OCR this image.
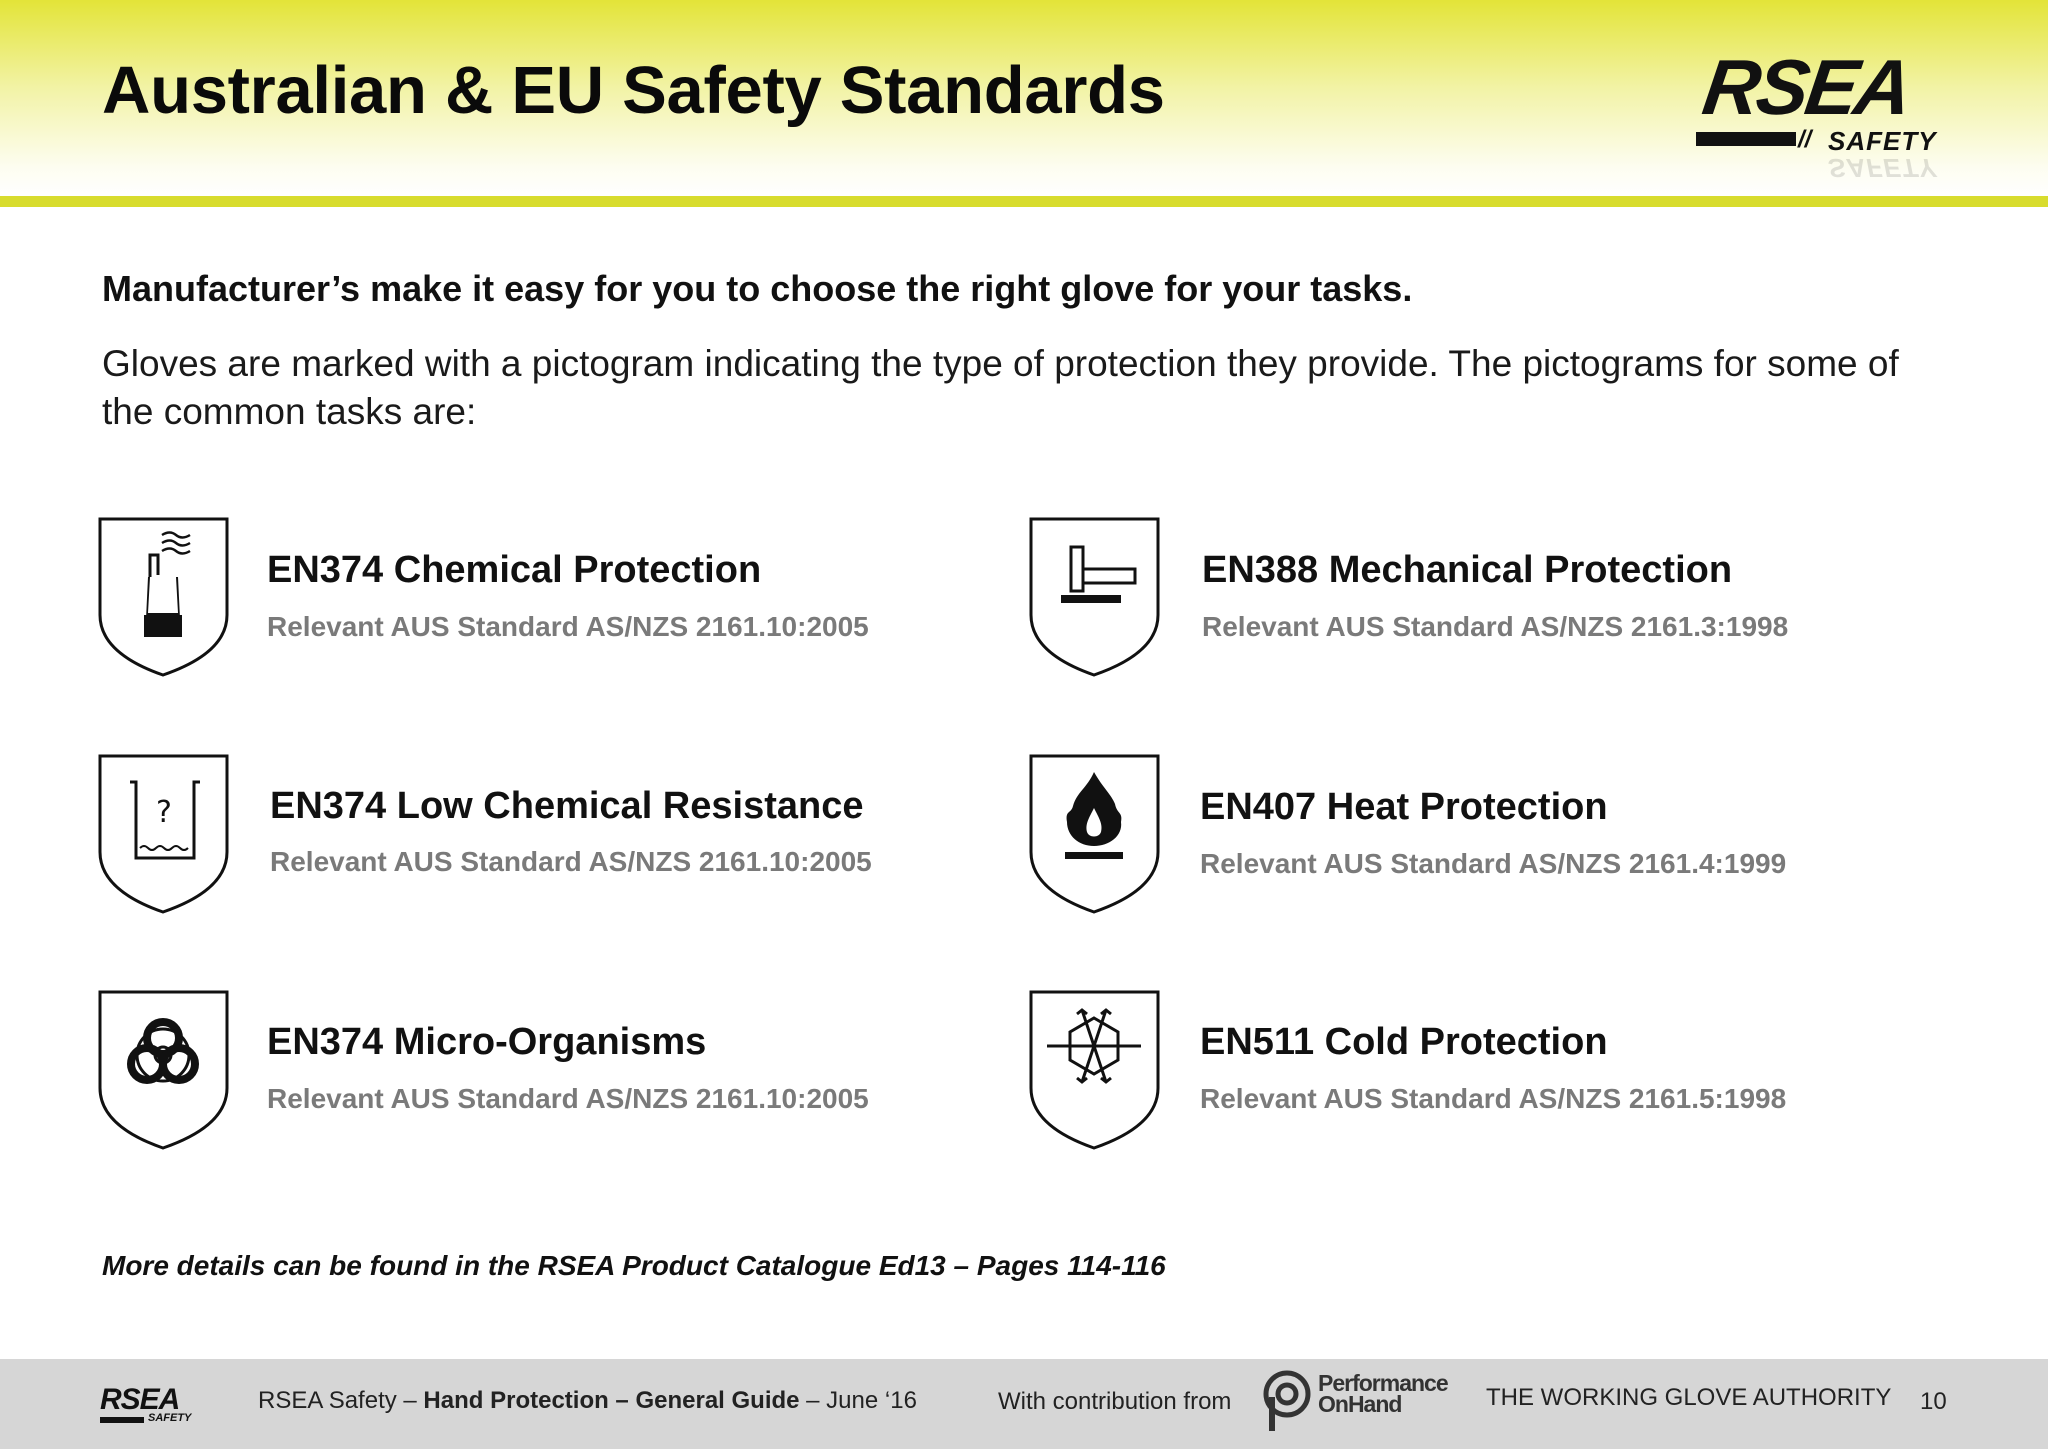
Australian & EU Safety Standards	RSEA
// SAFETY
SAFETY

Manufacturer’s make it easy for you to choose the right glove for your tasks.

Gloves are marked with a pictogram indicating the type of protection they provide. The pictograms for some of the common tasks are:

EN374 Chemical Protection

Relevant AUS Standard AS/NZS 2161.10:2005

EN388 Mechanical Protection

Relevant AUS Standard AS/NZS 2161.3:1998

?	EN374 Low Chemical Resistance

Relevant AUS Standard AS/NZS 2161.10:2005

EN407 Heat Protection

Relevant AUS Standard AS/NZS 2161.4:1999

EN374 Micro-Organisms

Relevant AUS Standard AS/NZS 2161.10:2005

EN511 Cold Protection

Relevant AUS Standard AS/NZS 2161.5:1998

More details can be found in the RSEA Product Catalogue Ed13 – Pages 114-116

RSEA
SAFETY

RSEA Safety – Hand Protection – General Guide – June ‘16	With contribution from

Performance
OnHand	THE WORKING GLOVE AUTHORITY 10
